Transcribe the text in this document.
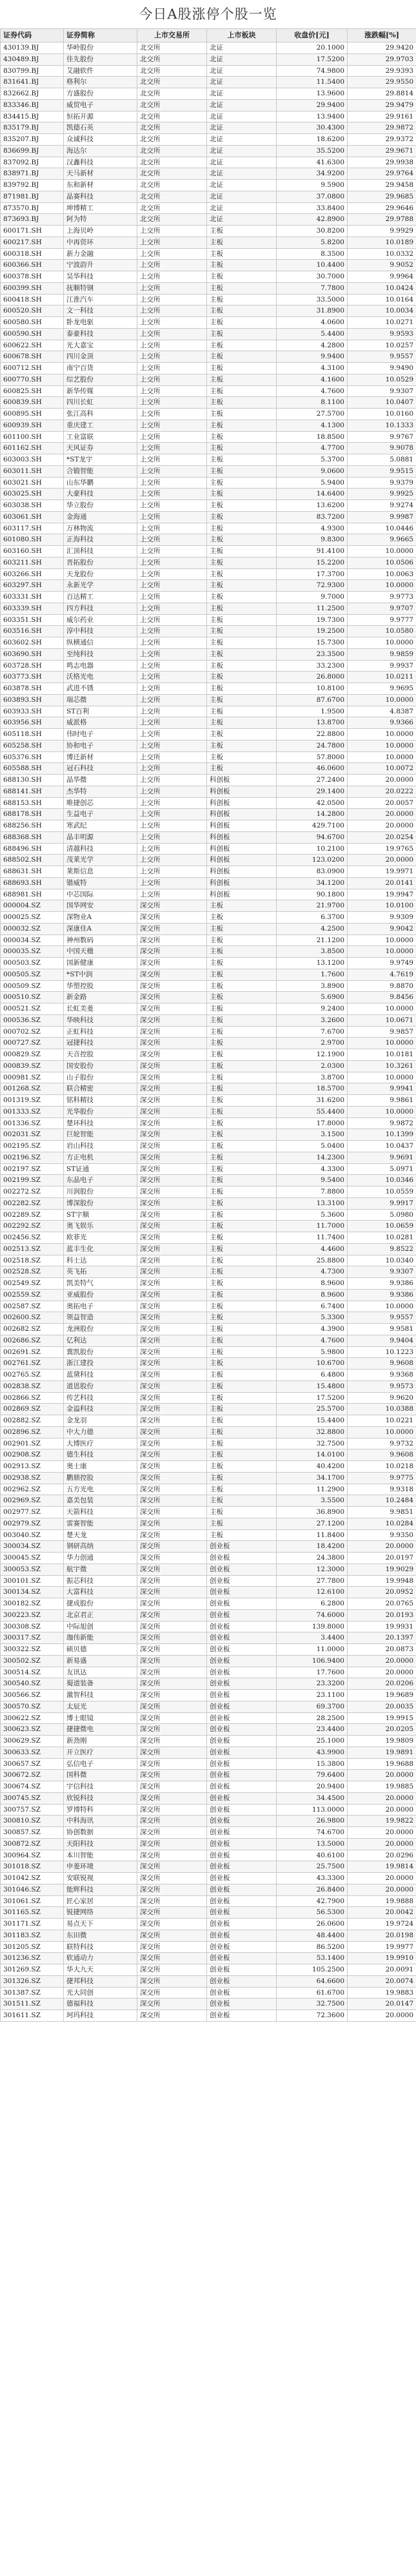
今日A股涨停个股一览
证券代码	证券简称	上市交易所	上市板块	收盘价[元]	涨跌幅[%]
430139.BJ	华岭股份	北交所	北证	20.1000	29.9420
430489.BJ	佳先股份	北交所	北证	17.5200	29.9703
830799.BJ	艾融软件	北交所	北证	74.9800	29.9393
831641.BJ	格利尔	北交所	北证	11.5400	29.9550
832662.BJ	方盛股份	北交所	北证	13.9600	29.8814
833346.BJ	威贸电子	北交所	北证	29.9400	29.9479
834415.BJ	恒拓开源	北交所	北证	13.9400	29.9161
835179.BJ	凯德石英	北交所	北证	30.4300	29.9872
835207.BJ	众诚科技	北交所	北证	18.6200	29.9372
836699.BJ	海达尔	北交所	北证	35.5200	29.9671
837092.BJ	汉鑫科技	北交所	北证	41.6300	29.9938
838971.BJ	天马新材	北交所	北证	34.9200	29.9764
839792.BJ	东和新材	北交所	北证	9.5900	29.9458
871981.BJ	晶赛科技	北交所	北证	37.0800	29.9685
873570.BJ	坤博精工	北交所	北证	33.8400	29.9646
873693.BJ	阿为特	北交所	北证	42.8900	29.9788
600171.SH	上海贝岭	上交所	主板	30.8200	9.9929
600217.SH	中再资环	上交所	主板	5.8200	10.0189
600318.SH	新力金融	上交所	主板	8.3500	10.0332
600366.SH	宁波韵升	上交所	主板	10.4400	9.9052
600378.SH	昊华科技	上交所	主板	30.7000	9.9964
600399.SH	抚顺特钢	上交所	主板	7.7800	10.0424
600418.SH	江淮汽车	上交所	主板	33.5000	10.0164
600520.SH	文一科技	上交所	主板	31.8900	10.0034
600580.SH	卧龙电驱	上交所	主板	4.0600	10.0271
600590.SH	泰豪科技	上交所	主板	5.4400	9.9593
600622.SH	光大嘉宝	上交所	主板	4.2800	10.0257
600678.SH	四川金顶	上交所	主板	9.9400	9.9557
600712.SH	南宁百货	上交所	主板	4.3100	9.9490
600770.SH	综艺股份	上交所	主板	4.1600	10.0529
600825.SH	新华传媒	上交所	主板	4.7600	9.9307
600839.SH	四川长虹	上交所	主板	8.1100	10.0407
600895.SH	张江高科	上交所	主板	27.5700	10.0160
600939.SH	重庆建工	上交所	主板	4.1300	10.1333
601100.SH	工业富联	上交所	主板	18.8500	9.9767
601162.SH	天风证券	上交所	主板	4.7700	9.9078
603003.SH	*ST龙宇	上交所	主板	5.3700	5.0881
603011.SH	合锻智能	上交所	主板	9.0600	9.9515
603021.SH	山东华鹏	上交所	主板	5.9400	9.9379
603025.SH	大豪科技	上交所	主板	14.6400	9.9925
603038.SH	华立股份	上交所	主板	13.6200	9.9274
603061.SH	金海通	上交所	主板	83.7200	9.9987
603117.SH	万林物流	上交所	主板	4.9300	10.0446
601080.SH	正海科技	上交所	主板	9.8300	9.9665
603160.SH	汇顶科技	上交所	主板	91.4100	10.0000
603211.SH	晋拓股份	上交所	主板	15.2200	10.0506
603266.SH	天龙股份	上交所	主板	17.3700	10.0063
603297.SH	永新光学	上交所	主板	72.9300	10.0000
603331.SH	百达精工	上交所	主板	9.7000	9.9773
603339.SH	四方科技	上交所	主板	11.2500	9.9707
603351.SH	威尔药业	上交所	主板	19.7300	9.9777
603516.SH	淳中科技	上交所	主板	19.2500	10.0580
603602.SH	纵横通信	上交所	主板	15.7300	10.0000
603690.SH	至纯科技	上交所	主板	23.3500	9.9859
603728.SH	鸣志电器	上交所	主板	33.2300	9.9937
603773.SH	沃格光电	上交所	主板	26.8000	10.0211
603878.SH	武进不锈	上交所	主板	10.8100	9.9695
603893.SH	瑞芯微	上交所	主板	87.6700	10.0000
603933.SH	ST百利	上交所	主板	1.9500	4.8387
603956.SH	威派格	上交所	主板	13.8700	9.9366
605118.SH	伟时电子	上交所	主板	22.8800	10.0000
605258.SH	协和电子	上交所	主板	24.7800	10.0000
605376.SH	博迁新材	上交所	主板	57.8000	10.0000
605588.SH	冠石科技	上交所	主板	46.0600	10.0072
688130.SH	晶华微	上交所	科创板	27.2400	20.0000
688141.SH	杰华特	上交所	科创板	29.1400	20.0222
688153.SH	唯捷创芯	上交所	科创板	42.0500	20.0057
688178.SH	生益电子	上交所	科创板	14.2800	20.0000
688256.SH	寒武纪	上交所	科创板	429.7100	20.0000
688368.SH	晶丰明源	上交所	科创板	94.6700	20.0254
688496.SH	清越科技	上交所	科创板	10.2100	19.9765
688502.SH	茂莱光学	上交所	科创板	123.0200	20.0000
688631.SH	莱斯信息	上交所	科创板	83.0900	19.9971
688693.SH	锴威特	上交所	科创板	34.1200	20.0141
688981.SH	中芯国际	上交所	科创板	90.1800	19.9947
000004.SZ	国华网安	深交所	主板	21.9700	10.0100
000025.SZ	深物业A	深交所	主板	6.3700	9.9309
000032.SZ	深康佳A	深交所	主板	4.2500	9.9042
000034.SZ	神州数码	深交所	主板	21.1200	10.0000
000035.SZ	中国天楹	深交所	主板	3.8500	10.0000
000503.SZ	国新健康	深交所	主板	13.1200	9.9749
000505.SZ	*ST中润	深交所	主板	1.7600	4.7619
000509.SZ	华塑控股	深交所	主板	3.8900	9.8870
000510.SZ	新金路	深交所	主板	5.6900	9.8456
000521.SZ	长虹美菱	深交所	主板	9.2400	10.0000
000536.SZ	华映科技	深交所	主板	3.2600	10.0671
000702.SZ	正虹科技	深交所	主板	7.6700	9.9857
000727.SZ	冠捷科技	深交所	主板	2.9700	10.0000
000829.SZ	天音控股	深交所	主板	12.1900	10.0181
000839.SZ	国安股份	深交所	主板	2.0300	10.3261
000981.SZ	山子股份	深交所	主板	3.8700	10.0000
001268.SZ	联合精密	深交所	主板	18.5700	9.9941
001319.SZ	铭科精技	深交所	主板	31.6200	9.9861
001333.SZ	光华股份	深交所	主板	55.4400	10.0000
001336.SZ	楚环科技	深交所	主板	17.8000	9.9872
002031.SZ	巨轮智能	深交所	主板	3.1500	10.1399
002195.SZ	岩山科技	深交所	主板	5.0400	10.0437
002196.SZ	方正电机	深交所	主板	14.2300	9.9691
002197.SZ	ST证通	深交所	主板	4.3300	5.0971
002199.SZ	东晶电子	深交所	主板	9.5400	10.0346
002272.SZ	川润股份	深交所	主板	7.8800	10.0559
002282.SZ	博深股份	深交所	主板	13.3100	9.9917
002289.SZ	ST宇顺	深交所	主板	5.3600	5.0980
002292.SZ	奥飞娱乐	深交所	主板	11.7000	10.0659
002456.SZ	欧菲光	深交所	主板	11.7400	10.0281
002513.SZ	蓝丰生化	深交所	主板	4.4600	9.8522
002518.SZ	科士达	深交所	主板	25.8800	10.0340
002528.SZ	英飞拓	深交所	主板	4.7300	9.9307
002549.SZ	凯美特气	深交所	主板	8.9600	9.9386
002559.SZ	亚威股份	深交所	主板	8.9600	9.9386
002587.SZ	奥拓电子	深交所	主板	6.7400	10.0000
002600.SZ	领益智造	深交所	主板	5.3300	9.9557
002682.SZ	龙洲股份	深交所	主板	4.3900	9.9581
002686.SZ	亿利达	深交所	主板	4.7600	9.9404
002691.SZ	冀凯股份	深交所	主板	5.9800	10.1223
002761.SZ	浙江建投	深交所	主板	10.6700	9.9608
002765.SZ	蓝黛科技	深交所	主板	6.4800	9.9368
002838.SZ	道恩股份	深交所	主板	15.4800	9.9573
002866.SZ	传艺科技	深交所	主板	17.5200	9.9620
002869.SZ	金溢科技	深交所	主板	25.5700	10.0388
002882.SZ	金龙羽	深交所	主板	15.4400	10.0221
002896.SZ	中大力德	深交所	主板	32.8800	10.0000
002901.SZ	大博医疗	深交所	主板	32.7500	9.9732
002908.SZ	德生科技	深交所	主板	14.0100	9.9608
002913.SZ	奥士康	深交所	主板	40.4200	10.0218
002938.SZ	鹏鼎控股	深交所	主板	34.1700	9.9775
002962.SZ	五方光电	深交所	主板	11.2900	9.9318
002969.SZ	嘉美包装	深交所	主板	3.5500	10.2484
002977.SZ	天箭科技	深交所	主板	36.8900	9.9851
002979.SZ	雷赛智能	深交所	主板	27.1200	10.0284
003040.SZ	楚天龙	深交所	主板	11.8400	9.9350
300034.SZ	钢研高纳	深交所	创业板	18.4200	20.0000
300045.SZ	华力创通	深交所	创业板	24.3800	20.0197
300053.SZ	航宇微	深交所	创业板	12.3000	19.9029
300101.SZ	振芯科技	深交所	创业板	27.7800	19.9948
300134.SZ	大富科技	深交所	创业板	12.6100	20.0952
300182.SZ	捷成股份	深交所	创业板	6.2800	20.0765
300223.SZ	北京君正	深交所	创业板	74.6000	20.0193
300308.SZ	中际旭创	深交所	创业板	139.8000	19.9931
300317.SZ	珈伟新能	深交所	创业板	3.4400	20.1397
300322.SZ	硕贝德	深交所	创业板	11.0000	20.0873
300502.SZ	新易盛	深交所	创业板	106.9400	20.0000
300514.SZ	友讯达	深交所	创业板	17.7600	20.0000
300540.SZ	蜀道装备	深交所	创业板	23.3200	20.0206
300566.SZ	激智科技	深交所	创业板	23.1100	19.9689
300570.SZ	太辰光	深交所	创业板	69.3700	20.0035
300622.SZ	博士眼镜	深交所	创业板	28.2500	19.9915
300623.SZ	捷捷微电	深交所	创业板	23.4400	20.0205
300629.SZ	新劲刚	深交所	创业板	25.1000	19.9809
300633.SZ	开立医疗	深交所	创业板	43.9900	19.9891
300657.SZ	弘信电子	深交所	创业板	15.3800	19.9688
300672.SZ	国科微	深交所	创业板	79.6400	20.0000
300674.SZ	宇信科技	深交所	创业板	20.9400	19.9885
300745.SZ	欣锐科技	深交所	创业板	34.4500	20.0000
300757.SZ	罗博特科	深交所	创业板	113.0000	20.0000
300810.SZ	中科海讯	深交所	创业板	26.9800	19.9822
300857.SZ	协创数据	深交所	创业板	74.6700	20.0000
300872.SZ	天阳科技	深交所	创业板	13.5000	20.0000
300964.SZ	本川智能	深交所	创业板	40.6100	20.0296
301018.SZ	申菱环境	深交所	创业板	25.7500	19.9814
301042.SZ	安联锐视	深交所	创业板	43.3300	20.0000
301046.SZ	能辉科技	深交所	创业板	26.8400	20.0000
301061.SZ	匠心家居	深交所	创业板	42.7900	19.9888
301165.SZ	锐捷网络	深交所	创业板	56.5300	20.0042
301171.SZ	易点天下	深交所	创业板	26.0600	19.9724
301183.SZ	东田微	深交所	创业板	48.4400	20.0198
301205.SZ	联特科技	深交所	创业板	86.5200	19.9977
301236.SZ	软通动力	深交所	创业板	53.1400	19.9910
301269.SZ	华大九天	深交所	创业板	105.2500	20.0091
301326.SZ	捷邦科技	深交所	创业板	64.6600	20.0074
301387.SZ	光大同创	深交所	创业板	61.6700	19.9883
301511.SZ	德福科技	深交所	创业板	32.7500	20.0147
301611.SZ	珂玛科技	深交所	创业板	72.3600	20.0000
